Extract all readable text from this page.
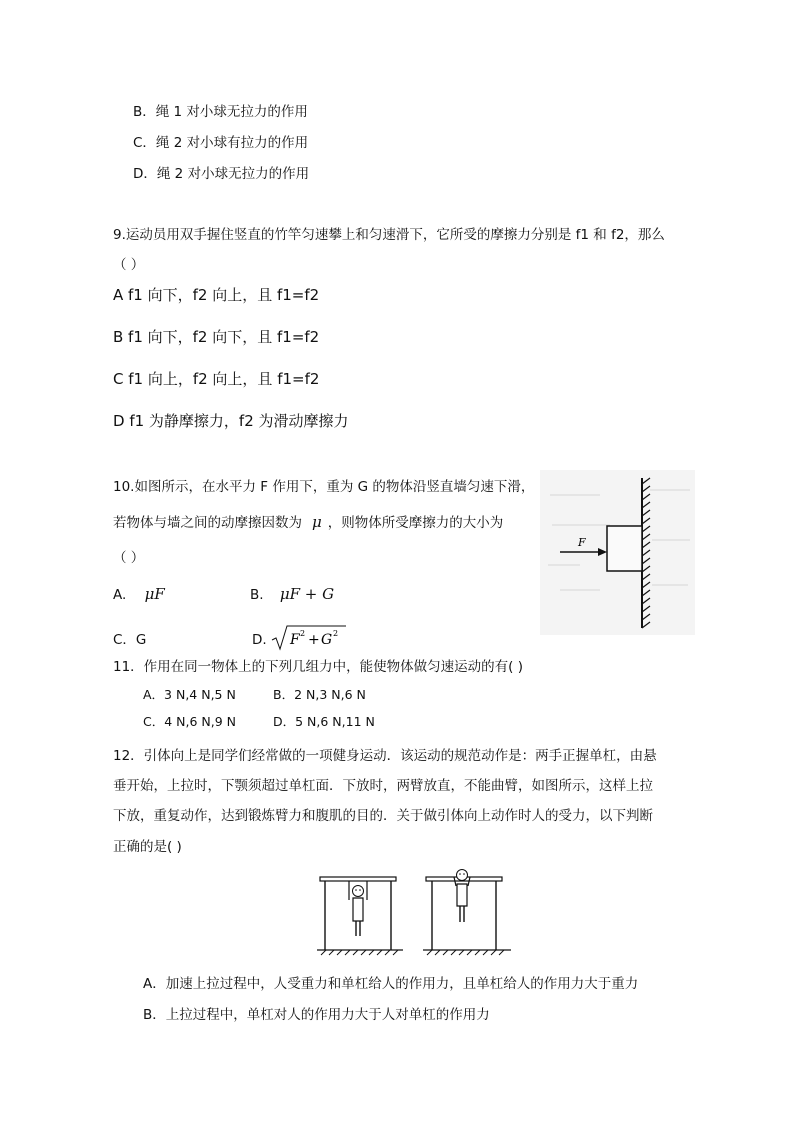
B．绳 1 对小球无拉力的作用
C．绳 2 对小球有拉力的作用
D．绳 2 对小球无拉力的作用
9.运动员用双手握住竖直的竹竿匀速攀上和匀速滑下，它所受的摩擦力分别是 f1 和 f2，那么
（ ）
A f1 向下，f2 向上，且 f1=f2
B f1 向下，f2 向下，且 f1=f2
C f1 向上，f2 向上，且 f1=f2
D f1 为静摩擦力，f2 为滑动摩擦力
10.如图所示，在水平力 F 作用下，重为 G 的物体沿竖直墙匀速下滑，
若物体与墙之间的动摩擦因数为 μ ，则物体所受摩擦力的大小为
（ ）
A. μF	B. μF + G
C．G	D. F 2 + G 2
F
11．作用在同一物体上的下列几组力中，能使物体做匀速运动的有( )
A．3 N,4 N,5 N	B．2 N,3 N,6 N
C．4 N,6 N,9 N	D．5 N,6 N,11 N
12．引体向上是同学们经常做的一项健身运动．该运动的规范动作是：两手正握单杠，由悬
垂开始，上拉时，下颚须超过单杠面．下放时，两臂放直，不能曲臂，如图所示，这样上拉
下放，重复动作，达到锻炼臂力和腹肌的目的．关于做引体向上动作时人的受力，以下判断
正确的是( )
A．加速上拉过程中，人受重力和单杠给人的作用力，且单杠给人的作用力大于重力
B．上拉过程中，单杠对人的作用力大于人对单杠的作用力
